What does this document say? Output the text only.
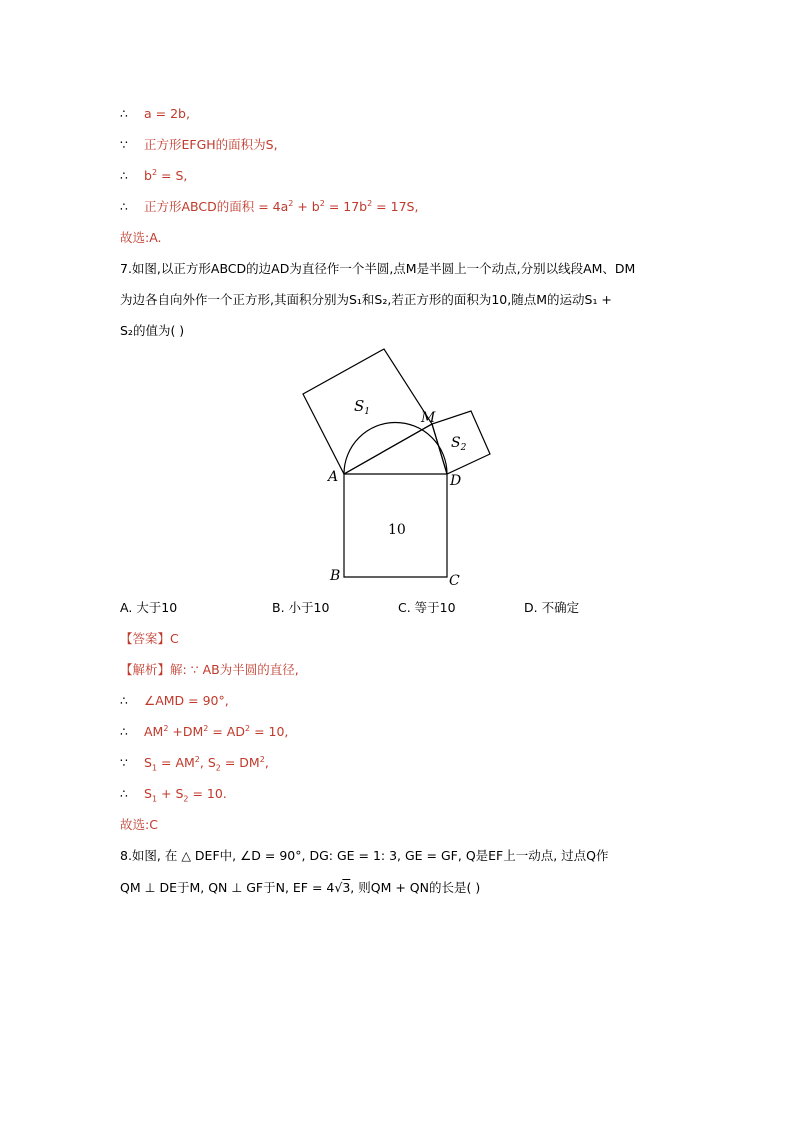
∴ a = 2b,
∵ 正方形EFGH的面积为S,
∴ $b^2 = S$,
∴ 正方形ABCD的面积 = $4a^2 + b^2 = 17b^2 = 17S$,
故选:A.
7.如图,以正方形ABCD的边AD为直径作一个半圆,点M是半圆上一个动点,分别以线段AM、DM
为边各自向外作一个正方形,其面积分别为S₁和S₂,若正方形的面积为10,随点M的运动S₁ +
S₂的值为( )
$S_1$
$S_2$
M
A	D
B	C
10
A. 大于10	B. 小于10	C. 等于10	D. 不确定
【答案】C
【解析】解: ∵ AB为半圆的直径,
∴ ∠AMD = 90°,
∴ $AM^2 +DM^2 = AD^2 = 10$,
∵ $S_1 = AM^2$, $S_2 = DM^2$,
∴ $S_1 + S_2 = 10$.
故选:C
8.如图, 在 △ DEF中, ∠D = 90°, DG: GE = 1: 3, GE = GF, Q是EF上一动点, 过点Q作
QM ⊥ DE于M, QN ⊥ GF于N, EF = 4√3, 则QM + QN的长是( )
